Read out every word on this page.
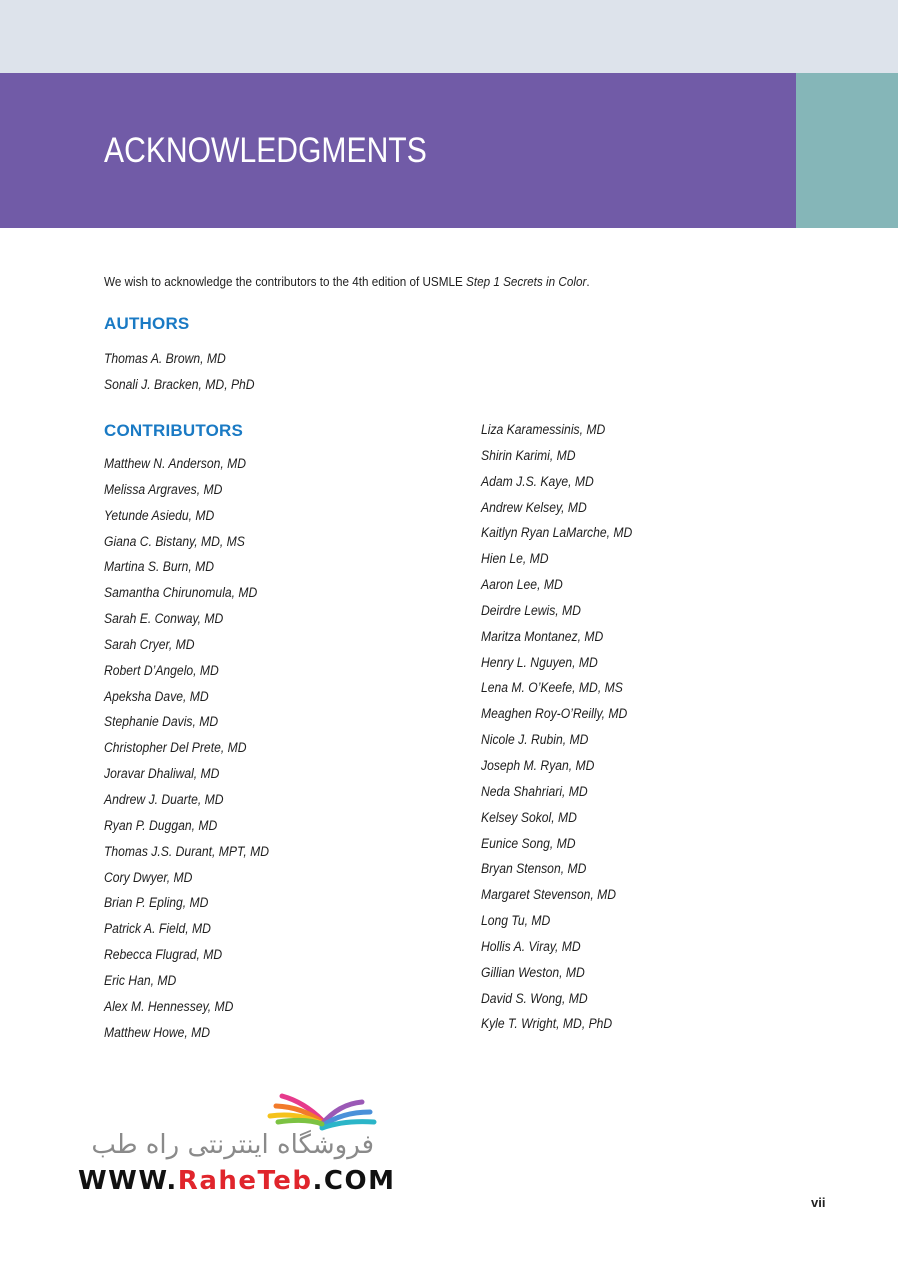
ACKNOWLEDGMENTS

We wish to acknowledge the contributors to the 4th edition of USMLE Step 1 Secrets in Color.

AUTHORS
Thomas A. Brown, MD
Sonali J. Bracken, MD, PhD
CONTRIBUTORS
Matthew N. Anderson, MD
Melissa Argraves, MD
Yetunde Asiedu, MD
Giana C. Bistany, MD, MS
Martina S. Burn, MD
Samantha Chirunomula, MD
Sarah E. Conway, MD
Sarah Cryer, MD
Robert D’Angelo, MD
Apeksha Dave, MD
Stephanie Davis, MD
Christopher Del Prete, MD
Joravar Dhaliwal, MD
Andrew J. Duarte, MD
Ryan P. Duggan, MD
Thomas J.S. Durant, MPT, MD
Cory Dwyer, MD
Brian P. Epling, MD
Patrick A. Field, MD
Rebecca Flugrad, MD
Eric Han, MD
Alex M. Hennessey, MD
Matthew Howe, MD
Liza Karamessinis, MD
Shirin Karimi, MD
Adam J.S. Kaye, MD
Andrew Kelsey, MD
Kaitlyn Ryan LaMarche, MD
Hien Le, MD
Aaron Lee, MD
Deirdre Lewis, MD
Maritza Montanez, MD
Henry L. Nguyen, MD
Lena M. O’Keefe, MD, MS
Meaghen Roy-O’Reilly, MD
Nicole J. Rubin, MD
Joseph M. Ryan, MD
Neda Shahriari, MD
Kelsey Sokol, MD
Eunice Song, MD
Bryan Stenson, MD
Margaret Stevenson, MD
Long Tu, MD
Hollis A. Viray, MD
Gillian Weston, MD
David S. Wong, MD
Kyle T. Wright, MD, PhD

فروشگاه اینترنتی راه طب

WWW.RaheTeb.COM

vii
